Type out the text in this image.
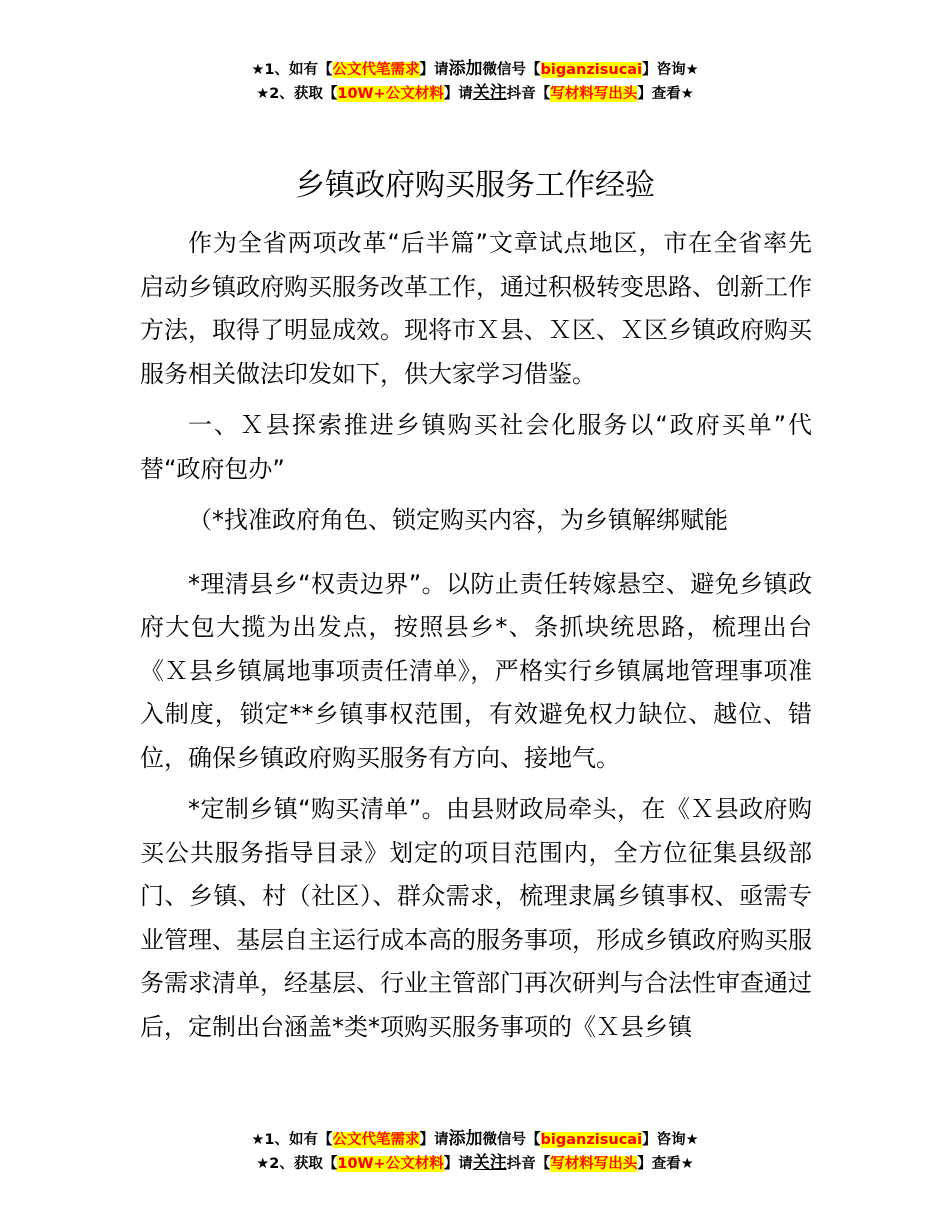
★1、如有【公文代笔需求】请添加微信号【biganzisucai】咨询★
★2、获取【10W+公文材料】请关注抖音【写材料写出头】查看★
乡镇政府购买服务工作经验

作为全省两项改革“后半篇”文章试点地区，市在全省率先启动乡镇政府购买服务改革工作，通过积极转变思路、创新工作方法，取得了明显成效。现将市Ｘ县、Ｘ区、Ｘ区乡镇政府购买服务相关做法印发如下，供大家学习借鉴。

一、Ｘ县探索推进乡镇购买社会化服务以“政府买单”代替“政府包办”

（*找准政府角色、锁定购买内容，为乡镇解绑赋能

*理清县乡“权责边界”。以防止责任转嫁悬空、避免乡镇政府大包大揽为出发点，按照县乡*、条抓块统思路，梳理出台《Ｘ县乡镇属地事项责任清单》，严格实行乡镇属地管理事项准入制度，锁定**乡镇事权范围，有效避免权力缺位、越位、错位，确保乡镇政府购买服务有方向、接地气。

*定制乡镇“购买清单”。由县财政局牵头，在《Ｘ县政府购买公共服务指导目录》划定的项目范围内，全方位征集县级部门、乡镇、村（社区）、群众需求，梳理隶属乡镇事权、亟需专业管理、基层自主运行成本高的服务事项，形成乡镇政府购买服务需求清单，经基层、行业主管部门再次研判与合法性审查通过后，定制出台涵盖*类*项购买服务事项的《Ｘ县乡镇

★1、如有【公文代笔需求】请添加微信号【biganzisucai】咨询★
★2、获取【10W+公文材料】请关注抖音【写材料写出头】查看★
